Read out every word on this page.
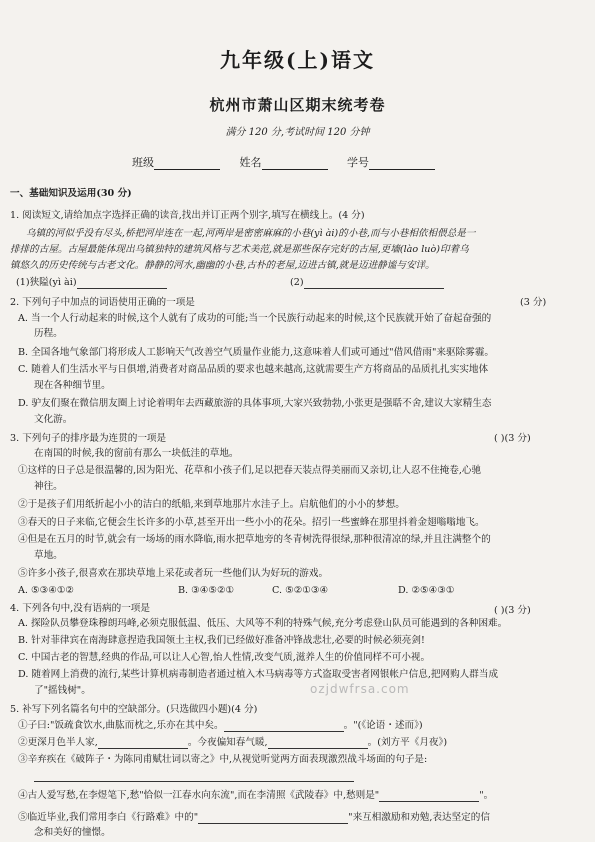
九年级(上)语文
杭州市萧山区期末统考卷
满分 120 分,考试时间 120 分钟
班级	姓名	学号
一、基础知识及运用(30 分)
1. 阅读短文,请给加点字选择正确的读音,找出并订正两个别字,填写在横线上。(4 分)
乌镇的河似乎没有尽头,桥把河岸连在一起,河两岸是密密麻麻的小巷(yì ài)的小巷,而与小巷相依相偎总是一
排排的古屋。古屋最能体现出乌镇独特的建筑风格与艺术美范,就是那些保存完好的古屋,更墙(lào luò)印着乌
镇悠久的历史传统与古老文化。静静的河水,幽幽的小巷,古朴的老屋,迈进古镇,就是迈进静谧与安详。
(1)狭隘(yì ài)	(2)
2. 下列句子中加点的词语使用正确的一项是	(3 分)
A. 当一个人行动起来的时候,这个人就有了成功的可能;当一个民族行动起来的时候,这个民族就开始了奋起奋强的
历程。
B. 全国各地气象部门将形成人工影响天气改善空气质量作业能力,这意味着人们或可通过"借风借雨"来驱除雾霾。
C. 随着人们生活水平与日俱增,消费者对商品品质的要求也越来越高,这就需要生产方将商品的品质扎扎实实地体
现在各种细节里。
D. 驴友们聚在微信朋友圈上讨论着明年去西藏旅游的具体事项,大家兴致勃勃,小张更是强聒不舍,建议大家精生态
文化游。
3. 下列句子的排序最为连贯的一项是	( )(3 分)
在南国的时候,我的窗前有那么一块低洼的草地。
①这样的日子总是很温馨的,因为阳光、花草和小孩子们,足以把春天装点得美丽而又亲切,让人忍不住掩卷,心驰
神往。
②于是孩子们用纸折起小小的洁白的纸船,来到草地那片水洼子上。启航他们的小小的梦想。
③春天的日子来临,它便会生长许多的小草,甚至开出一些小小的花朵。招引一些蜜蜂在那里抖着金翅嗡嗡地飞。
④但是在五月的时节,就会有一场场的雨水降临,雨水把草地旁的冬青树洗得很绿,那种很清凉的绿,并且注满整个的
草地。
⑤许多小孩子,很喜欢在那块草地上采花或者玩一些他们认为好玩的游戏。
A. ⑤③④①②	B. ③④⑤②①	C. ⑤②①③④	D. ②⑤④③①
4. 下列各句中,没有语病的一项是	( )(3 分)
A. 探险队员攀登珠穆朗玛峰,必须克服低温、低压、大风等不利的特殊气候,充分考虑登山队员可能遇到的各种困难。
B. 针对菲律宾在南海肆意捏造我国领土主权,我们已经做好准备冲锋战悲壮,必要的时候必须亮剑!
C. 中国古老的智慧,经典的作品,可以让人心智,怡人性情,改变气质,滋养人生的价值同样不可小视。
D. 随着网上消费的流行,某些计算机病毒制造者通过植入木马病毒等方式盗取受害者网银帐户信息,把网购人群当成
了"摇钱树"。	ozjdwfrsa.com
5. 补写下列名篇名句中的空缺部分。(只选做四小题)(4 分)
①子曰:"饭疏食饮水,曲肱而枕之,乐亦在其中矣。	。"(《论语・述而》)
②更深月色半人家,	。今夜偏知春气暖,	。(刘方平《月夜》)
③辛弃疾在《破阵子・为陈同甫赋壮词以寄之》中,从视觉听觉两方面表现激烈战斗场面的句子是:
④古人爱写愁,在李煜笔下,愁"恰似一江春水向东流",而在李清照《武陵春》中,愁则是"	"。
⑤临近毕业,我们常用李白《行路难》中的"	"来互相激励和劝勉,表达坚定的信
念和美好的憧憬。
